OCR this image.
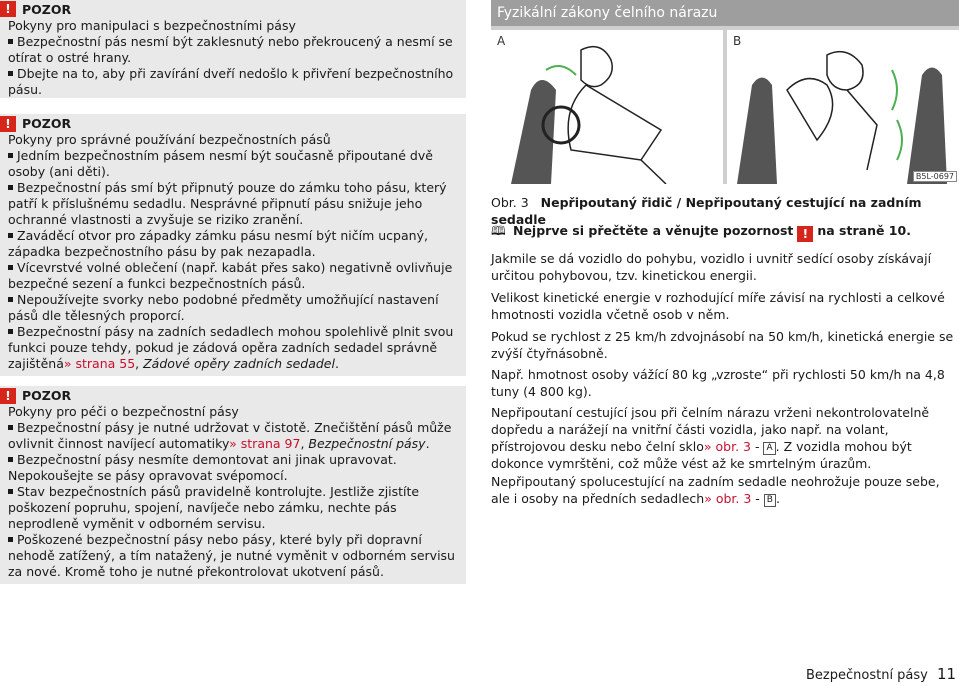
! POZOR
Pokyny pro manipulaci s bezpečnostními pásy

Bezpečnostní pás nesmí být zaklesnutý nebo překroucený a nesmí se otírat o ostré hrany.

Dbejte na to, aby při zavírání dveří nedošlo k přivření bezpečnostního pásu.

! POZOR
Pokyny pro správné používání bezpečnostních pásů

Jedním bezpečnostním pásem nesmí být současně připoutané dvě osoby (ani děti).

Bezpečnostní pás smí být připnutý pouze do zámku toho pásu, který patří k příslušnému sedadlu. Nesprávné připnutí pásu snižuje jeho ochranné vlastnosti a zvyšuje se riziko zranění.

Zaváděcí otvor pro západky zámku pásu nesmí být ničím ucpaný, západka bezpečnostního pásu by pak nezapadla.

Vícevrstvé volné oblečení (např. kabát přes sako) negativně ovlivňuje bezpečné sezení a funkci bezpečnostních pásů.

Nepoužívejte svorky nebo podobné předměty umožňující nastavení pásů dle tělesných proporcí.

Bezpečnostní pásy na zadních sedadlech mohou spolehlivě plnit svou funkci pouze tehdy, pokud je zádová opěra zadních sedadel správně zajištěná» strana 55, Zádové opěry zadních sedadel.

! POZOR
Pokyny pro péči o bezpečnostní pásy

Bezpečnostní pásy je nutné udržovat v čistotě. Znečištění pásů může ovlivnit činnost navíjecí automatiky» strana 97, Bezpečnostní pásy.

Bezpečnostní pásy nesmíte demontovat ani jinak upravovat. Nepokoušejte se pásy opravovat svépomocí.

Stav bezpečnostních pásů pravidelně kontrolujte. Jestliže zjistíte poškození popruhu, spojení, navíječe nebo zámku, nechte pás neprodleně vyměnit v odborném servisu.

Poškozené bezpečnostní pásy nebo pásy, které byly při dopravní nehodě zatížený, a tím natažený, je nutné vyměnit v odborném servisu za nové. Kromě toho je nutné překontrolovat ukotvení pásů.

Fyzikální zákony čelního nárazu
A	B
B5L-0697
Obr. 3 Nepřipoutaný řidič / Nepřipoutaný cestující na zadním sedadle
🕮 Nejprve si přečtěte a věnujte pozornost ! na straně 10.
Jakmile se dá vozidlo do pohybu, vozidlo i uvnitř sedící osoby získávají určitou pohybovou, tzv. kinetickou energii.
Velikost kinetické energie v rozhodující míře závisí na rychlosti a celkové hmotnosti vozidla včetně osob v něm.
Pokud se rychlost z 25 km/h zdvojnásobí na 50 km/h, kinetická energie se zvýší čtyřnásobně.
Např. hmotnost osoby vážící 80 kg „vzroste“ při rychlosti 50 km/h na 4,8 tuny (4 800 kg).
Nepřipoutaní cestující jsou při čelním nárazu vrženi nekontrolovatelně dopředu a narážejí na vnitřní části vozidla, jako např. na volant, přístrojovou desku nebo čelní sklo» obr. 3 - A . Z vozidla mohou být dokonce vymrštěni, což může vést až ke smrtelným úrazům.
Nepřipoutaný spolucestující na zadním sedadle neohrožuje pouze sebe, ale i osoby na předních sedadlech» obr. 3 - B .
Bezpečnostní pásy 11
